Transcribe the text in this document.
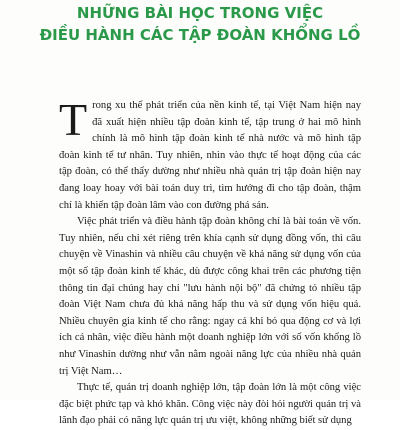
NHỮNG BÀI HỌC TRONG VIỆC
ĐIỀU HÀNH CÁC TẬP ĐOÀN KHỔNG LỒ

Trong xu thế phát triển của nền kinh tế, tại Việt Nam hiện nay đã xuất hiện nhiều tập đoàn kinh tế, tập trung ở hai mô hình chính là mô hình tập đoàn kinh tế nhà nước và mô hình tập đoàn kinh tế tư nhân. Tuy nhiên, nhìn vào thực tế hoạt động của các tập đoàn, có thể thấy dường như nhiều nhà quản trị tập đoàn hiện nay đang loay hoay với bài toán duy trì, tìm hướng đi cho tập đoàn, thậm chí là khiến tập đoàn lâm vào con đường phá sản.

Việc phát triển và điều hành tập đoàn không chỉ là bài toán về vốn. Tuy nhiên, nếu chỉ xét riêng trên khía cạnh sử dụng đồng vốn, thì câu chuyện về Vinashin và nhiều câu chuyện về khả năng sử dụng vốn của một số tập đoàn kinh tế khác, dù được công khai trên các phương tiện thông tin đại chúng hay chỉ "lưu hành nội bộ" đã chứng tỏ nhiều tập đoàn Việt Nam chưa đủ khả năng hấp thu và sử dụng vốn hiệu quả. Nhiều chuyên gia kinh tế cho rằng: ngay cả khi bỏ qua động cơ và lợi ích cá nhân, việc điều hành một doanh nghiệp lớn với số vốn khổng lồ như Vinashin dường như vẫn nằm ngoài năng lực của nhiều nhà quản trị Việt Nam…

Thực tế, quản trị doanh nghiệp lớn, tập đoàn lớn là một công việc đặc biệt phức tạp và khó khăn. Công việc này đòi hỏi người quản trị và lãnh đạo phải có năng lực quản trị ưu việt, không những biết sử dụng
